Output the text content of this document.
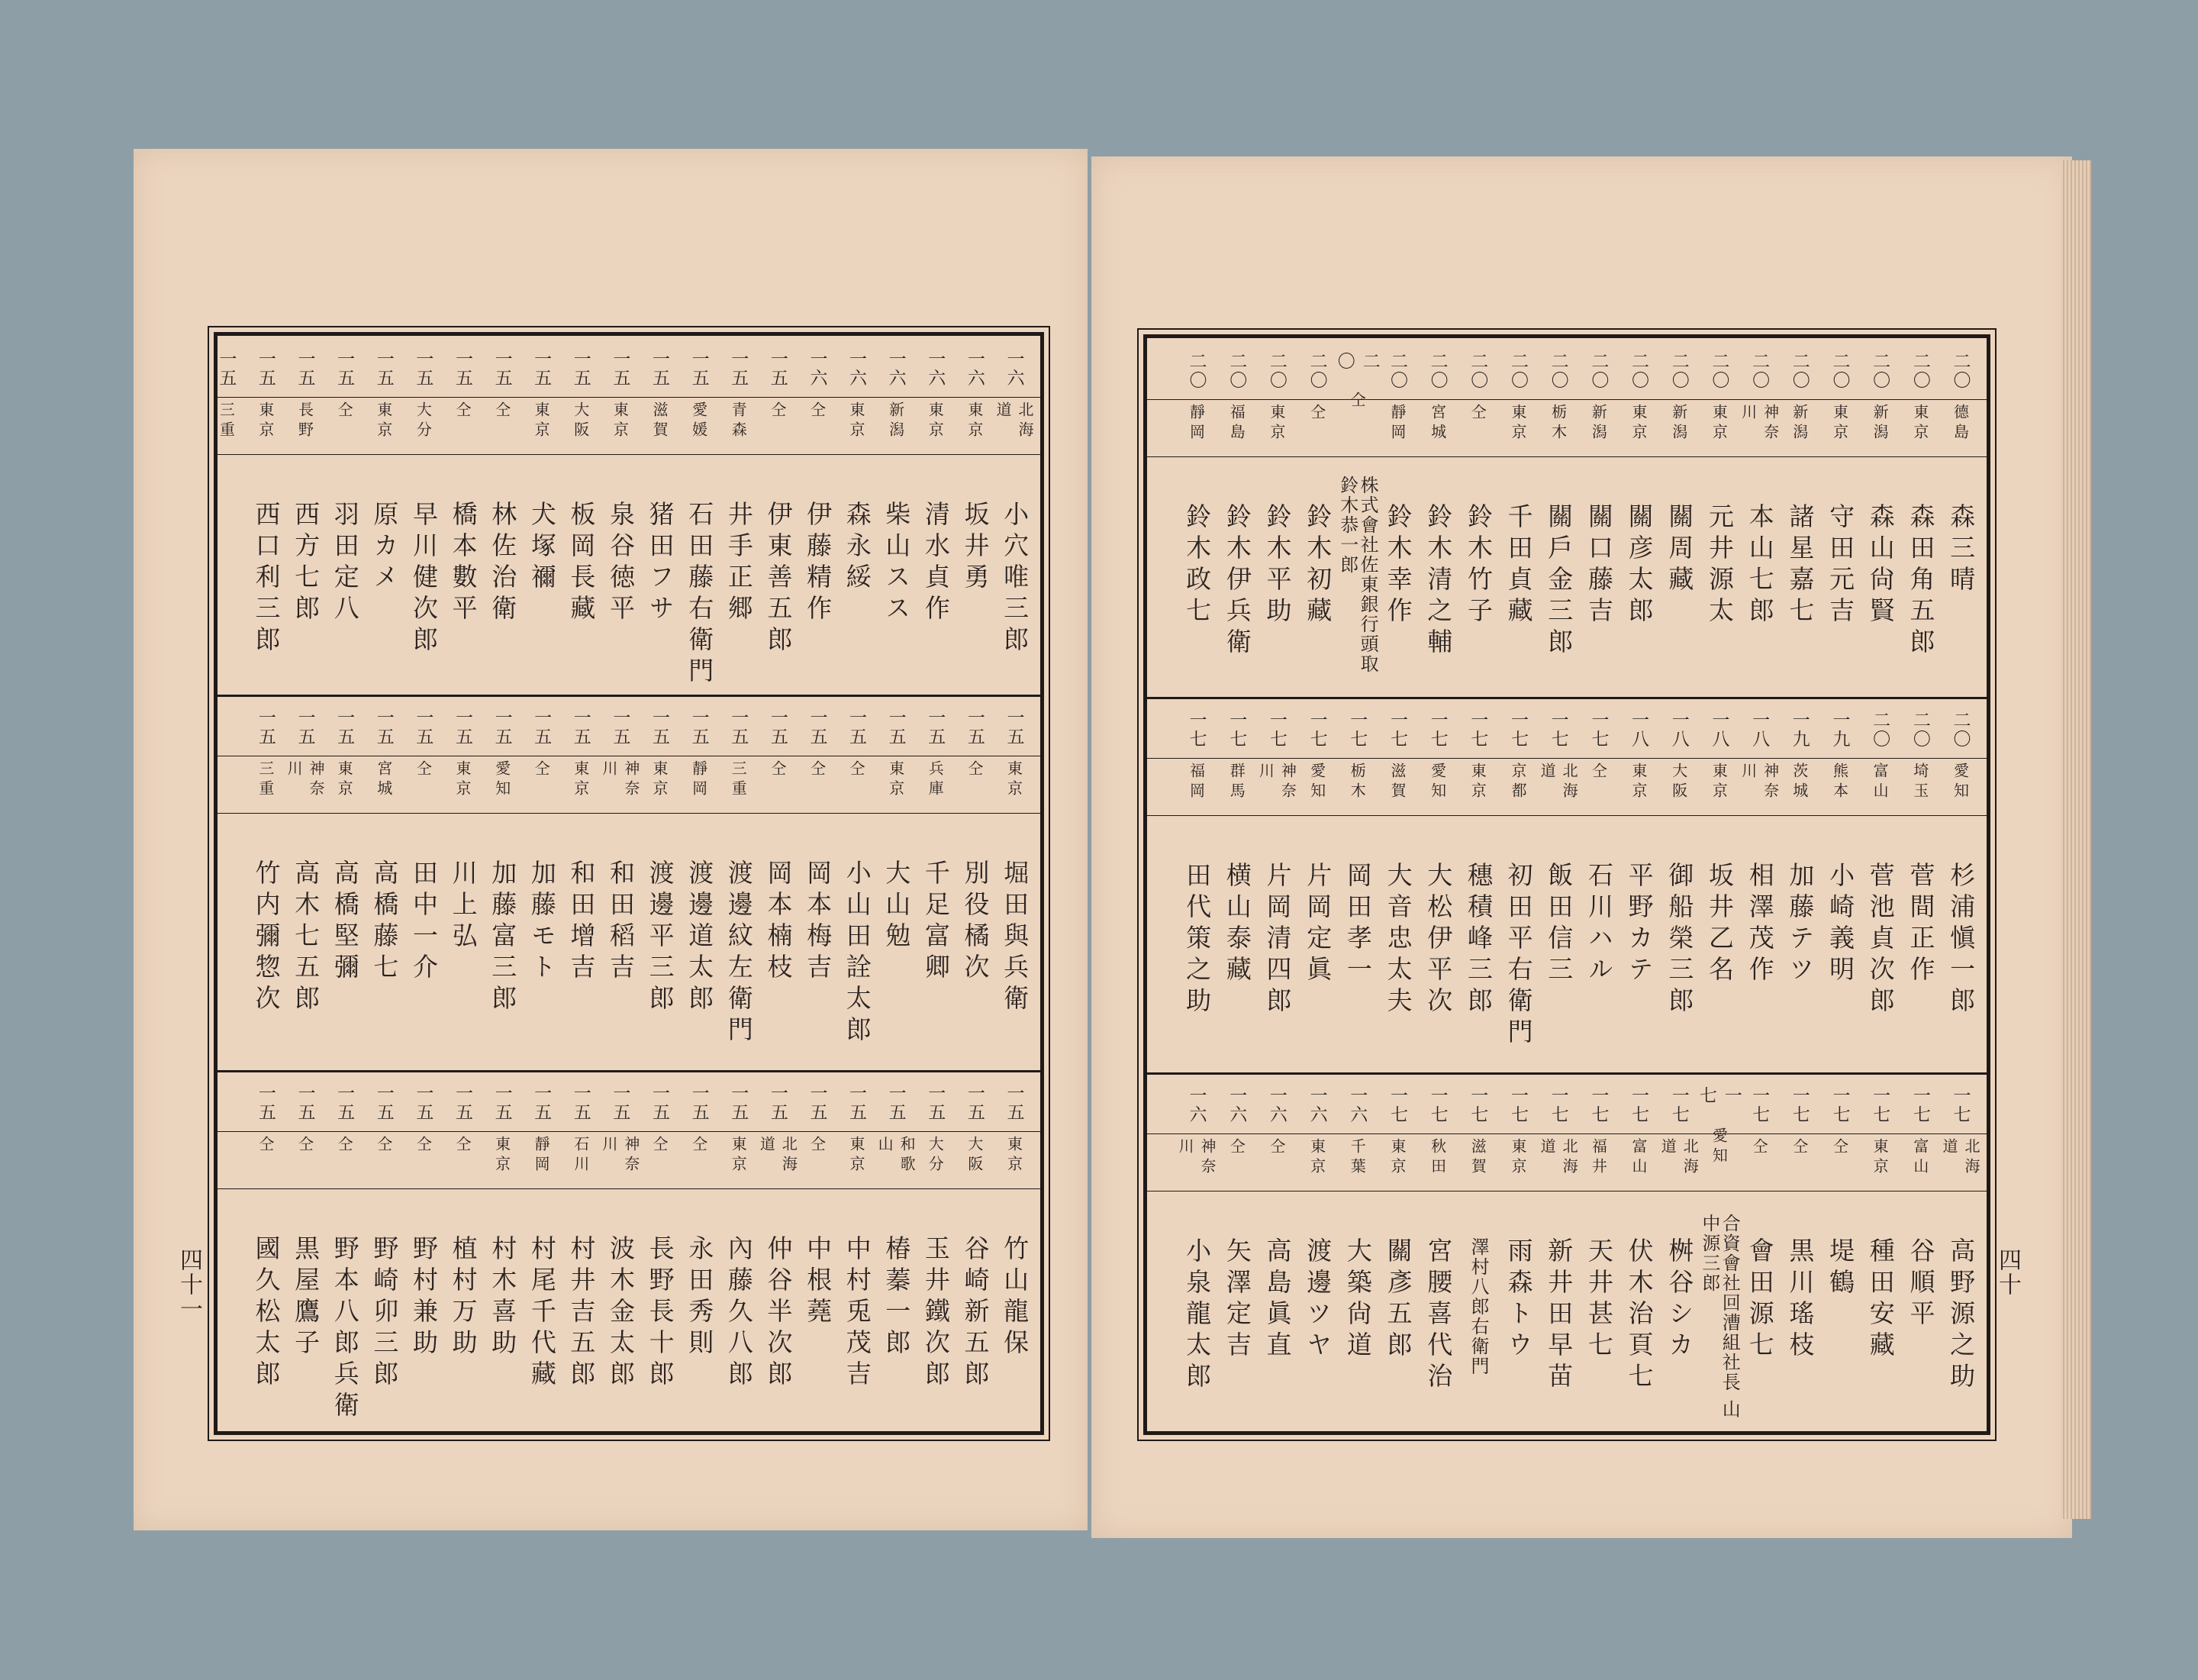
一六
北海道
小穴唯三郎
一六
東京
坂井勇
一六
東京
清水貞作
一六
新潟
柴山スス
一六
東京
森永綏
一六
仝
伊藤精作
一五
仝
伊東善五郎
一五
青森
井手正郷
一五
愛媛
石田藤右衛門
一五
滋賀
猪田フサ
一五
東京
泉谷徳平
一五
大阪
板岡長藏
一五
東京
犬塚禰
一五
仝
林佐治衛
一五
仝
橋本數平
一五
大分
早川健次郎
一五
東京
原カメ
一五
仝
羽田定八
一五
長野
西方七郎
一五
東京
西口利三郎
一五
三重
一五
東京
堀田與兵衛
一五
仝
別役橘次
一五
兵庫
千足富卿
一五
東京
大山勉
一五
仝
小山田詮太郎
一五
仝
岡本梅吉
一五
仝
岡本楠枝
一五
三重
渡邊紋左衛門
一五
靜岡
渡邊道太郎
一五
東京
渡邊平三郎
一五
神奈川
和田稻吉
一五
東京
和田增吉
一五
仝
加藤モト
一五
愛知
加藤富三郎
一五
東京
川上弘
一五
仝
田中一介
一五
宮城
高橋藤七
一五
東京
高橋堅彌
一五
神奈川
高木七五郎
一五
三重
竹内彌惣次
一五
東京
竹山龍保
一五
大阪
谷崎新五郎
一五
大分
玉井鐵次郎
一五
和歌山
椿蓁一郎
一五
東京
中村兎茂吉
一五
仝
中根蕘
一五
北海道
仲谷半次郎
一五
東京
內藤久八郎
一五
仝
永田秀則
一五
仝
長野長十郎
一五
神奈川
波木金太郎
一五
石川
村井吉五郎
一五
靜岡
村尾千代藏
一五
東京
村木喜助
一五
仝
植村万助
一五
仝
野村兼助
一五
仝
野崎卯三郎
一五
仝
野本八郎兵衛
一五
仝
黒屋鷹子
一五
仝
國久松太郎
二〇
德島
森三晴
二〇
東京
森田角五郎
二〇
新潟
森山尙賢
二〇
東京
守田元吉
二〇
新潟
諸星嘉七
二〇
神奈川
本山七郎
二〇
東京
元井源太
二〇
新潟
關周藏
二〇
東京
關彦太郎
二〇
新潟
關口藤吉
二〇
栃木
關戶金三郎
二〇
東京
千田貞藏
二〇
仝
鈴木竹子
二〇
宮城
鈴木清之輔
二〇
靜岡
鈴木幸作
二〇
仝
株式會社佐東銀行頭取 鈴木恭一郎
二〇
仝
鈴木初藏
二〇
東京
鈴木平助
二〇
福島
鈴木伊兵衛
二〇
靜岡
鈴木政七
二〇
愛知
杉浦愼一郎
二〇
埼玉
菅間正作
二〇
富山
菅池貞次郎
一九
熊本
小崎義明
一九
茨城
加藤テツ
一八
神奈川
相澤茂作
一八
東京
坂井乙名
一八
大阪
御船榮三郎
一八
東京
平野カテ
一七
仝
石川ハル
一七
北海道
飯田信三
一七
京都
初田平右衛門
一七
東京
穗積峰三郎
一七
愛知
大松伊平次
一七
滋賀
大音忠太夫
一七
栃木
岡田孝一
一七
愛知
片岡定眞
一七
神奈川
片岡清四郎
一七
群馬
横山泰藏
一七
福岡
田代策之助
一七
北海道
高野源之助
一七
富山
谷順平
一七
東京
種田安藏
一七
仝
堤鶴
一七
仝
黒川瑤枝
一七
仝
會田源七
一七
愛知
合資會社回漕組社長 山中源三郎
一七
北海道
桝谷シカ
一七
富山
伏木治頁七
一七
福井
天井甚七
一七
北海道
新井田早苗
一七
東京
雨森トウ
一七
滋賀
澤村八郎右衛門
一七
秋田
宮腰喜代治
一七
東京
關彥五郎
一六
千葉
大築尙道
一六
東京
渡邊ツヤ
一六
仝
高島眞直
一六
仝
矢澤定吉
一六
神奈川
小泉龍太郎
四十一	四十
